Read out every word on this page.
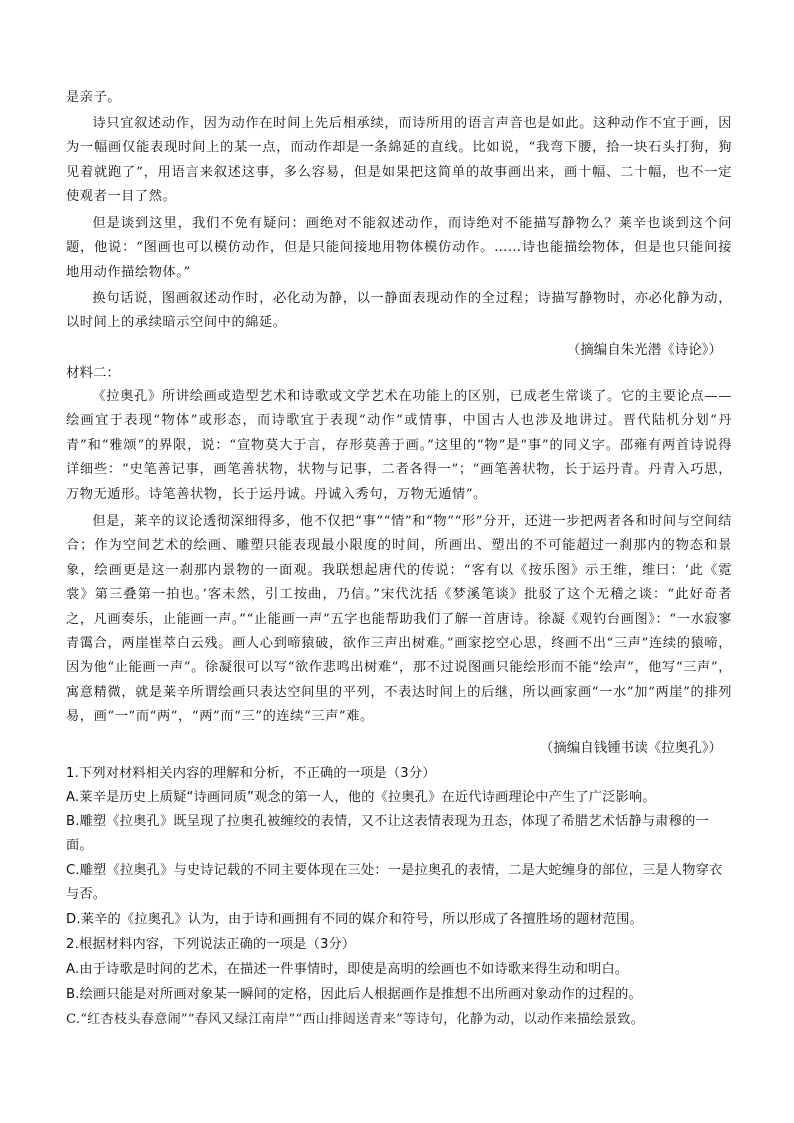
是亲子。

诗只宜叙述动作，因为动作在时间上先后相承续，而诗所用的语言声音也是如此。这种动作不宜于画，因为一幅画仅能表现时间上的某一点，而动作却是一条綿延的直线。比如说，“我弯下腰，拾一块石头打狗，狗见着就跑了”，用语言来叙述这事，多么容易，但是如果把这简单的故事画出来，画十幅、二十幅，也不一定使观者一目了然。

但是谈到这里，我们不免有疑问：画绝对不能叙述动作，而诗绝对不能描写静物么？莱辛也谈到这个问题，他说：“图画也可以模仿动作，但是只能间接地用物体模仿动作。……诗也能描绘物体，但是也只能间接地用动作描绘物体。”

换句话说，图画叙述动作时，必化动为静，以一静面表现动作的全过程；诗描写静物时，亦必化静为动，以时间上的承续暗示空间中的綿延。

（摘编自朱光潜《诗论》）

材料二：

《拉奥孔》所讲绘画或造型艺术和诗歌或文学艺术在功能上的区别，已成老生常谈了。它的主要论点——绘画宜于表现“物体”或形态，而诗歌宜于表现“动作”或情事，中国古人也涉及地讲过。晋代陆机分划“丹青”和“雅颂”的界限，说：“宣物莫大于言，存形莫善于画。”这里的“物”是“事”的同义字。邵雍有两首诗说得详细些：“史笔善记事，画笔善状物，状物与记事，二者各得一”；“画笔善状物，长于运丹青。丹青入巧思，万物无遁形。诗笔善状物，长于运丹诚。丹诚入秀句，万物无遁情”。

但是，莱辛的议论透彻深细得多，他不仅把“事”“情”和“物”“形”分开，还进一步把两者各和时间与空间结合；作为空间艺术的绘画、雕塑只能表现最小限度的时间，所画出、塑出的不可能超过一刹那内的物态和景象，绘画更是这一刹那内景物的一面观。我联想起唐代的传说：“客有以《按乐图》示王维，维曰：‘此《霓裳》第三叠第一拍也。’客未然，引工按曲，乃信。”宋代沈括《梦溪笔谈》批驳了这个无稽之谈：“此好奇者之，凡画奏乐，止能画一声。”“止能画一声”五字也能帮助我们了解一首唐诗。徐凝《观钓台画图》：“一水寂寥青霭合，两崖崔萃白云残。画人心到啼猿破，欲作三声出树难。”画家挖空心思，终画不出“三声”连续的猿啼，因为他“止能画一声”。徐凝很可以写“欲作悲鸣出树难”，那不过说图画只能绘形而不能“绘声”，他写“三声”，寓意精微，就是莱辛所谓绘画只表达空间里的平列，不表达时间上的后继，所以画家画“一水”加“两崖”的排列易，画“一”而“两”，“两”而“三”的连续“三声”难。

（摘编自钱锺书读《拉奥孔》）

1.下列对材料相关内容的理解和分析，不正确的一项是（3分）

A.莱辛是历史上质疑“诗画同质”观念的第一人，他的《拉奥孔》在近代诗画理论中产生了广泛影响。

B.雕塑《拉奥孔》既呈现了拉奥孔被缠绞的表情，又不让这表情表现为丑态，体现了希腊艺术恬静与肃穆的一面。

C.雕塑《拉奥孔》与史诗记载的不同主要体现在三处：一是拉奥孔的表情，二是大蛇缠身的部位，三是人物穿衣与否。

D.莱辛的《拉奥孔》认为，由于诗和画拥有不同的媒介和符号，所以形成了各擅胜场的题材范围。

2.根据材料内容，下列说法正确的一项是（3分）

A.由于诗歌是时间的艺术，在描述一件事情时，即使是高明的绘画也不如诗歌来得生动和明白。

B.绘画只能是对所画对象某一瞬间的定格，因此后人根据画作是推想不出所画对象动作的过程的。

C.“红杏枝头春意闹”“春风又绿江南岸”“西山排闼送青来”等诗句，化静为动，以动作来描绘景致。
